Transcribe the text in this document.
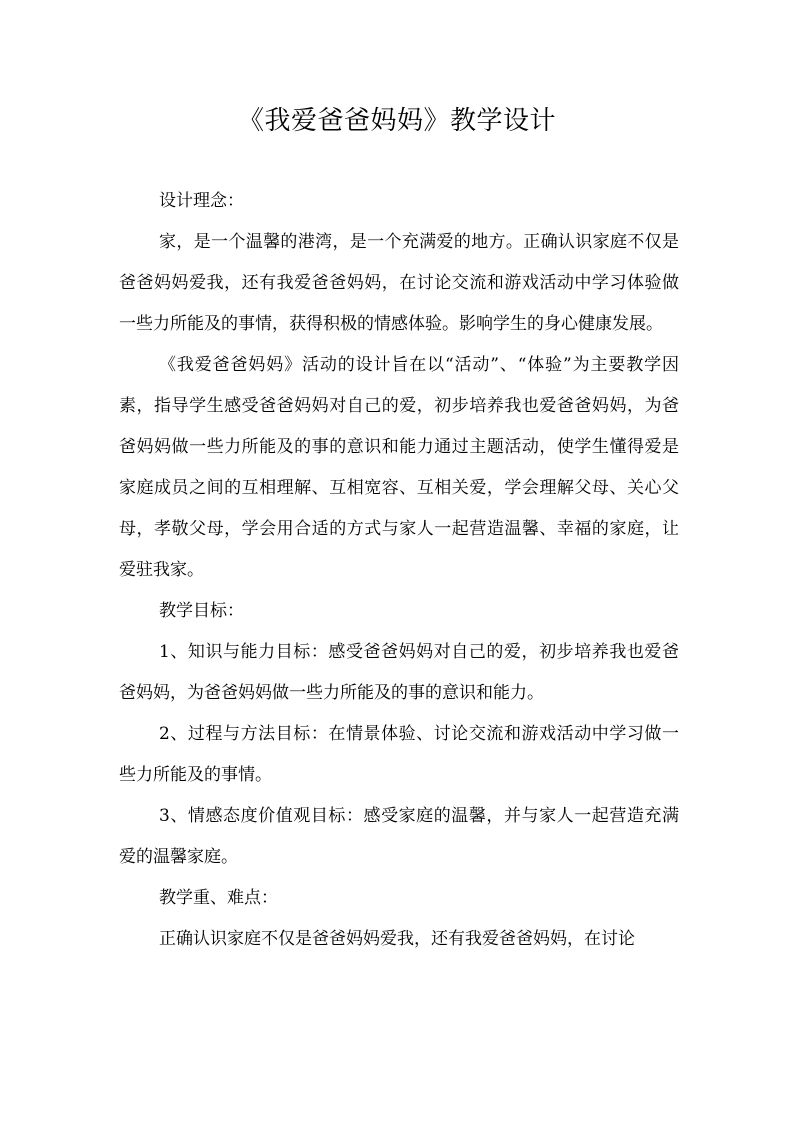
《我爱爸爸妈妈》教学设计

设计理念：

家，是一个温馨的港湾，是一个充满爱的地方。正确认识家庭不仅是爸爸妈妈爱我，还有我爱爸爸妈妈，在讨论交流和游戏活动中学习体验做一些力所能及的事情，获得积极的情感体验。影响学生的身心健康发展。

《我爱爸爸妈妈》活动的设计旨在以“活动”、“体验”为主要教学因素，指导学生感受爸爸妈妈对自己的爱，初步培养我也爱爸爸妈妈，为爸爸妈妈做一些力所能及的事的意识和能力通过主题活动，使学生懂得爱是家庭成员之间的互相理解、互相宽容、互相关爱，学会理解父母、关心父母，孝敬父母，学会用合适的方式与家人一起营造温馨、幸福的家庭，让爱驻我家。

教学目标：

1、知识与能力目标：感受爸爸妈妈对自己的爱，初步培养我也爱爸爸妈妈，为爸爸妈妈做一些力所能及的事的意识和能力。

2、过程与方法目标：在情景体验、讨论交流和游戏活动中学习做一些力所能及的事情。

3、情感态度价值观目标：感受家庭的温馨，并与家人一起营造充满爱的温馨家庭。

教学重、难点：

正确认识家庭不仅是爸爸妈妈爱我，还有我爱爸爸妈妈，在讨论
